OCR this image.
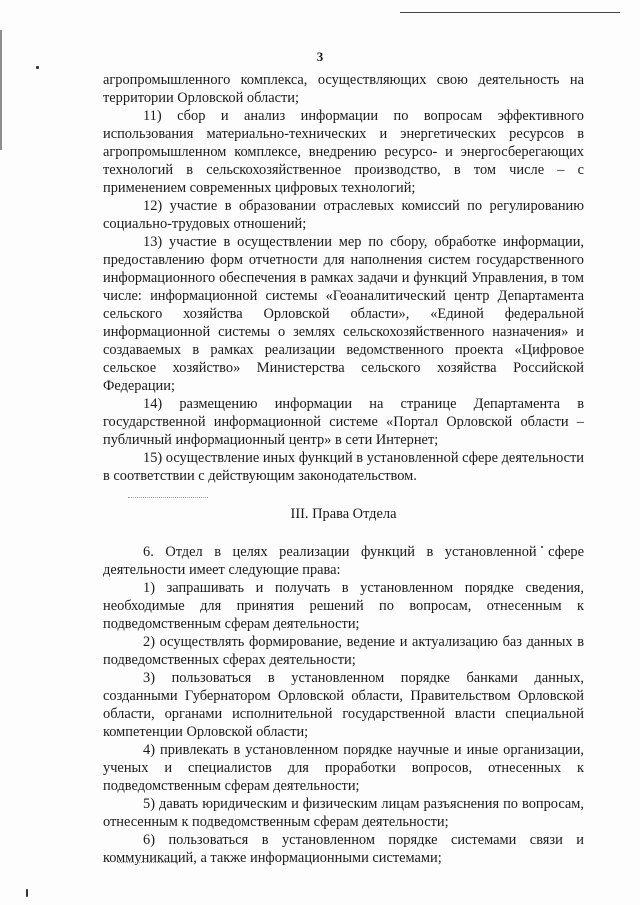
3

агропромышленного комплекса, осуществляющих свою деятельность на территории Орловской области;

11) сбор и анализ информации по вопросам эффективного использования материально-технических и энергетических ресурсов в агропромышленном комплексе, внедрению ресурсо- и энергосберегающих технологий в сельскохозяйственное производство, в том числе – с применением современных цифровых технологий;

12) участие в образовании отраслевых комиссий по регулированию социально-трудовых отношений;

13) участие в осуществлении мер по сбору, обработке информации, предоставлению форм отчетности для наполнения систем государственного информационного обеспечения в рамках задачи и функций Управления, в том числе: информационной системы «Геоаналитический центр Департамента сельского хозяйства Орловской области», «Единой федеральной информационной системы о землях сельскохозяйственного назначения» и создаваемых в рамках реализации ведомственного проекта «Цифровое сельское хозяйство» Министерства сельского хозяйства Российской Федерации;

14) размещению информации на странице Департамента в государственной информационной системе «Портал Орловской области – публичный информационный центр» в сети Интернет;

15) осуществление иных функций в установленной сфере деятельности в соответствии с действующим законодательством.

III. Права Отдела

6. Отдел в целях реализации функций в установленной сфере деятельности имеет следующие права:

1) запрашивать и получать в установленном порядке сведения, необходимые для принятия решений по вопросам, отнесенным к подведомственным сферам деятельности;

2) осуществлять формирование, ведение и актуализацию баз данных в подведомственных сферах деятельности;

3) пользоваться в установленном порядке банками данных, созданными Губернатором Орловской области, Правительством Орловской области, органами исполнительной государственной власти специальной компетенции Орловской области;

4) привлекать в установленном порядке научные и иные организации, ученых и специалистов для проработки вопросов, отнесенных к подведомственным сферам деятельности;

5) давать юридическим и физическим лицам разъяснения по вопросам, отнесенным к подведомственным сферам деятельности;

6) пользоваться в установленном порядке системами связи и коммуникаций, а также информационными системами;
